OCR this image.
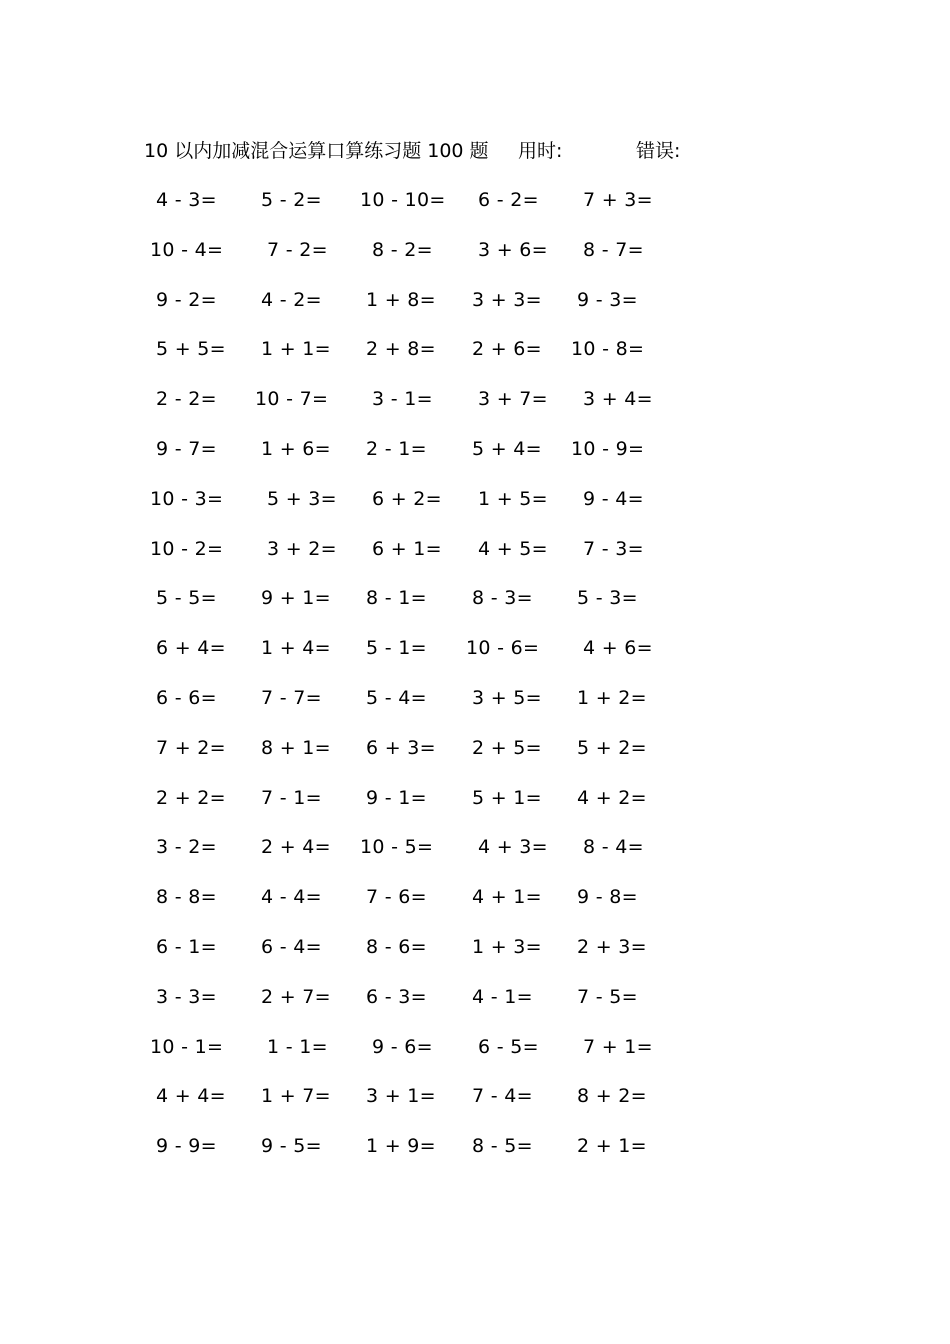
10 以内加减混合运算口算练习题 100 题 用时:	错误:
4 - 3= 5 - 2= 10 - 10= 6 - 2= 7 + 3=
10 - 4= 7 - 2= 8 - 2= 3 + 6= 8 - 7=
9 - 2= 4 - 2= 1 + 8= 3 + 3= 9 - 3=
5 + 5= 1 + 1= 2 + 8= 2 + 6= 10 - 8=
2 - 2= 10 - 7= 3 - 1= 3 + 7= 3 + 4=
9 - 7= 1 + 6= 2 - 1= 5 + 4= 10 - 9=
10 - 3= 5 + 3= 6 + 2= 1 + 5= 9 - 4=
10 - 2= 3 + 2= 6 + 1= 4 + 5= 7 - 3=
5 - 5= 9 + 1= 8 - 1= 8 - 3= 5 - 3=
6 + 4= 1 + 4= 5 - 1= 10 - 6= 4 + 6=
6 - 6= 7 - 7= 5 - 4= 3 + 5= 1 + 2=
7 + 2= 8 + 1= 6 + 3= 2 + 5= 5 + 2=
2 + 2= 7 - 1= 9 - 1= 5 + 1= 4 + 2=
3 - 2= 2 + 4= 10 - 5= 4 + 3= 8 - 4=
8 - 8= 4 - 4= 7 - 6= 4 + 1= 9 - 8=
6 - 1= 6 - 4= 8 - 6= 1 + 3= 2 + 3=
3 - 3= 2 + 7= 6 - 3= 4 - 1= 7 - 5=
10 - 1= 1 - 1= 9 - 6= 6 - 5= 7 + 1=
4 + 4= 1 + 7= 3 + 1= 7 - 4= 8 + 2=
9 - 9= 9 - 5= 1 + 9= 8 - 5= 2 + 1=
